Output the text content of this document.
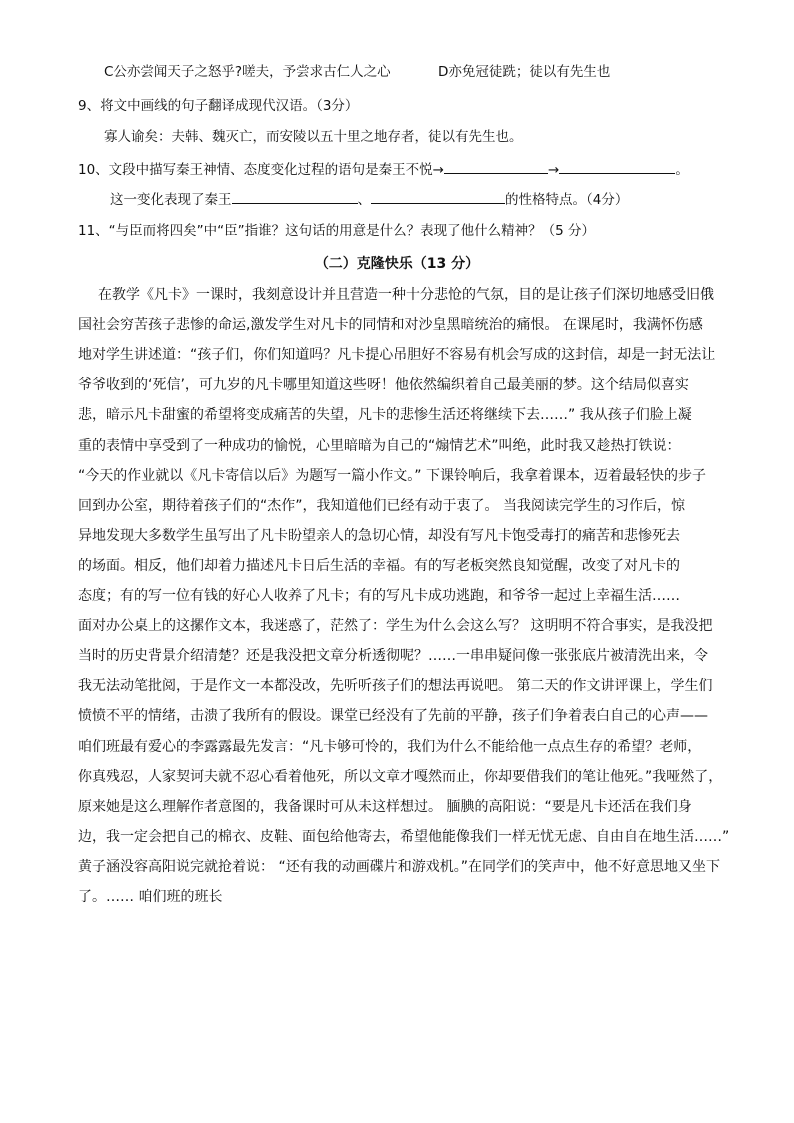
C公亦尝闻天子之怒乎?嗟夫，予尝求古仁人之心	D亦免冠徒跣；徒以有先生也
9、将文中画线的句子翻译成现代汉语。（3分）
寡人谕矣：夫韩、魏灭亡，而安陵以五十里之地存者，徒以有先生也。
10、文段中描写秦王神情、态度变化过程的语句是秦王不悦→	→	。
这一变化表现了秦王	、	的性格特点。（4分）
11、“与臣而将四矣”中“臣”指谁？这句话的用意是什么？表现了他什么精神？（5 分）
（二）克隆快乐（13 分）
在教学《凡卡》一课时，我刻意设计并且营造一种十分悲怆的气氛，目的是让孩子们深切地感受旧俄
国社会穷苦孩子悲惨的命运,激发学生对凡卡的同情和对沙皇黑暗统治的痛恨。 在课尾时，我满怀伤感
地对学生讲述道：“孩子们，你们知道吗？凡卡提心吊胆好不容易有机会写成的这封信，却是一封无法让
爷爷收到的‘死信’，可九岁的凡卡哪里知道这些呀！他依然编织着自己最美丽的梦。这个结局似喜实
悲，暗示凡卡甜蜜的希望将变成痛苦的失望，凡卡的悲惨生活还将继续下去……” 我从孩子们脸上凝
重的表情中享受到了一种成功的愉悦，心里暗暗为自己的“煽情艺术”叫绝，此时我又趁热打铁说：
“今天的作业就以《凡卡寄信以后》为题写一篇小作文。” 下课铃响后，我拿着课本，迈着最轻快的步子
回到办公室，期待着孩子们的“杰作”，我知道他们已经有动于衷了。 当我阅读完学生的习作后，惊
异地发现大多数学生虽写出了凡卡盼望亲人的急切心情，却没有写凡卡饱受毒打的痛苦和悲惨死去
的场面。相反，他们却着力描述凡卡日后生活的幸福。有的写老板突然良知觉醒，改变了对凡卡的
态度；有的写一位有钱的好心人收养了凡卡；有的写凡卡成功逃跑，和爷爷一起过上幸福生活……
面对办公桌上的这摞作文本，我迷惑了，茫然了：学生为什么会这么写？ 这明明不符合事实，是我没把
当时的历史背景介绍清楚？还是我没把文章分析透彻呢？……一串串疑问像一张张底片被清洗出来，令
我无法动笔批阅，于是作文一本都没改，先听听孩子们的想法再说吧。 第二天的作文讲评课上，学生们
愤愤不平的情绪，击溃了我所有的假设。课堂已经没有了先前的平静，孩子们争着表白自己的心声——
咱们班最有爱心的李露露最先发言：“凡卡够可怜的，我们为什么不能给他一点点生存的希望？老师，
你真残忍，人家契诃夫就不忍心看着他死，所以文章才嘎然而止，你却要借我们的笔让他死。”我哑然了，
原来她是这么理解作者意图的，我备课时可从未这样想过。 腼腆的高阳说：“要是凡卡还活在我们身
边，我一定会把自己的棉衣、皮鞋、面包给他寄去，希望他能像我们一样无忧无虑、自由自在地生活……”
黄子涵没容高阳说完就抢着说： “还有我的动画碟片和游戏机。”在同学们的笑声中，他不好意思地又坐下
了。…… 咱们班的班长
